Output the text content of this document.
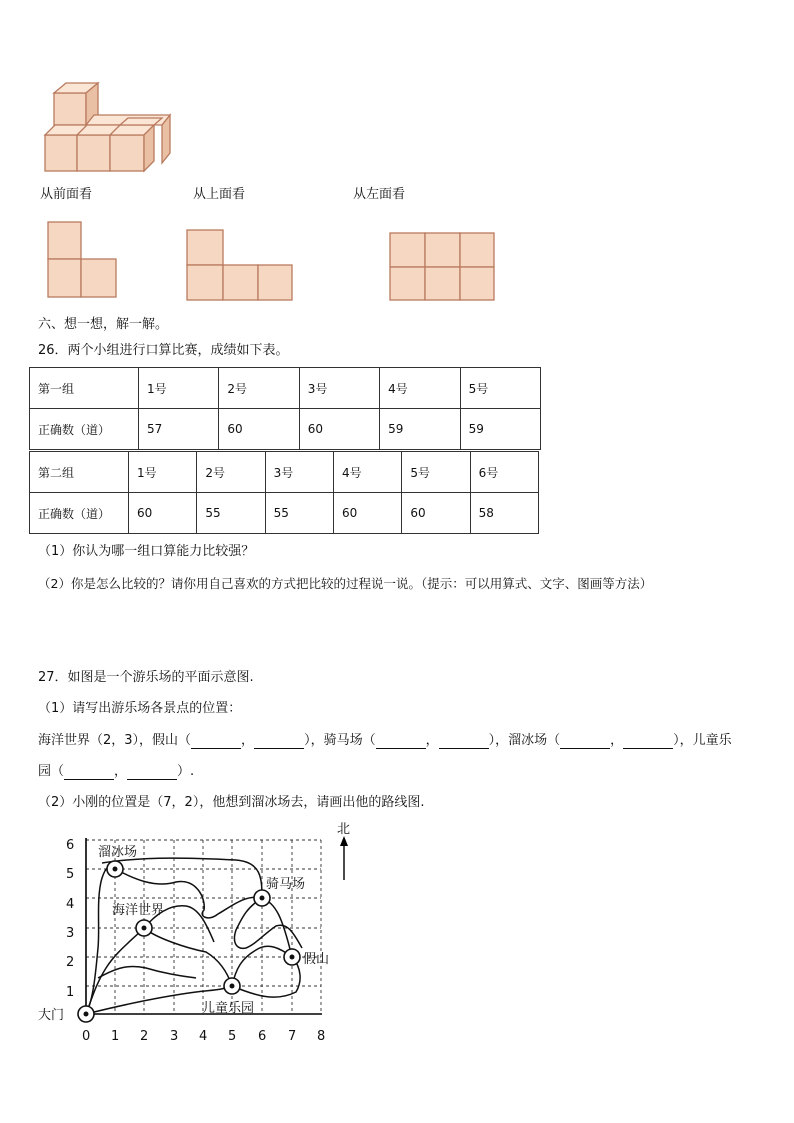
从前面看	从上面看	从左面看
六、想一想，解一解。
26．两个小组进行口算比赛，成绩如下表。
第一组	1号	2号	3号	4号	5号
正确数（道）	57	60	60	59	59
第二组	1号	2号	3号	4号	5号	6号
正确数（道）	60	55	55	60	60	58
（1）你认为哪一组口算能力比较强？
（2）你是怎么比较的？请你用自己喜欢的方式把比较的过程说一说。（提示：可以用算式、文字、图画等方法）
27．如图是一个游乐场的平面示意图.
（1）请写出游乐场各景点的位置：
海洋世界（2，3），假山（	，	），骑马场（	，	），溜冰场（	，	），儿童乐
园（	，	）.
（2）小刚的位置是（7，2），他想到溜冰场去，请画出他的路线图.
北
0 1 2 3 4 5 6 7 8
1
2
3
4
5
6 溜冰场
骑马场
海洋世界
假山
儿童乐园
大门
